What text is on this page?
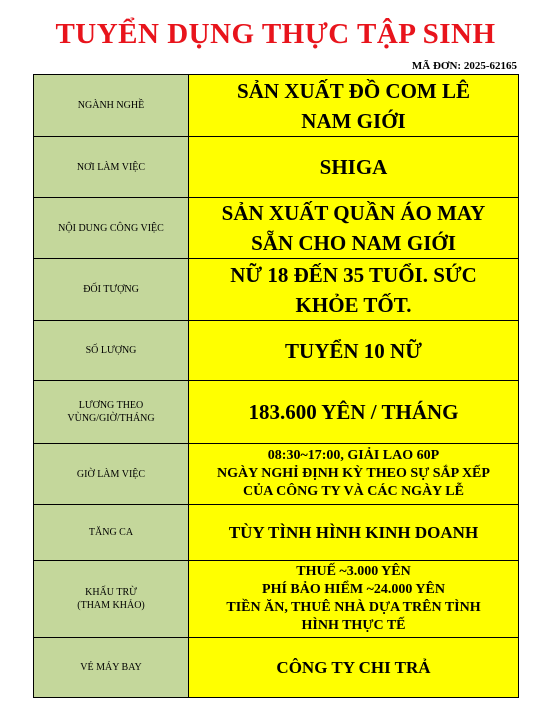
TUYỂN DỤNG THỰC TẬP SINH
MÃ ĐƠN: 2025-62165
NGÀNH NGHỀ	SẢN XUẤT ĐỒ COM LÊ
NAM GIỚI

NƠI LÀM VIỆC	SHIGA

NỘI DUNG CÔNG VIỆC	SẢN XUẤT QUẦN ÁO MAY
SẴN CHO NAM GIỚI

ĐỐI TƯỢNG	NỮ 18 ĐẾN 35 TUỔI. SỨC
KHỎE TỐT.

SỐ LƯỢNG	TUYỂN 10 NỮ

LƯƠNG THEO
VÙNG/GIỜ/THÁNG	183.600 YÊN / THÁNG

GIỜ LÀM VIỆC	08:30~17:00, GIẢI LAO 60P
NGÀY NGHỈ ĐỊNH KỲ THEO SỰ SẮP XẾP
CỦA CÔNG TY VÀ CÁC NGÀY LỄ

TĂNG CA	TÙY TÌNH HÌNH KINH DOANH

KHẤU TRỪ
(THAM KHẢO)	THUẾ ~3.000 YÊN
PHÍ BẢO HIỂM ~24.000 YÊN
TIỀN ĂN, THUÊ NHÀ DỰA TRÊN TÌNH
HÌNH THỰC TẾ

VÉ MÁY BAY	CÔNG TY CHI TRẢ
